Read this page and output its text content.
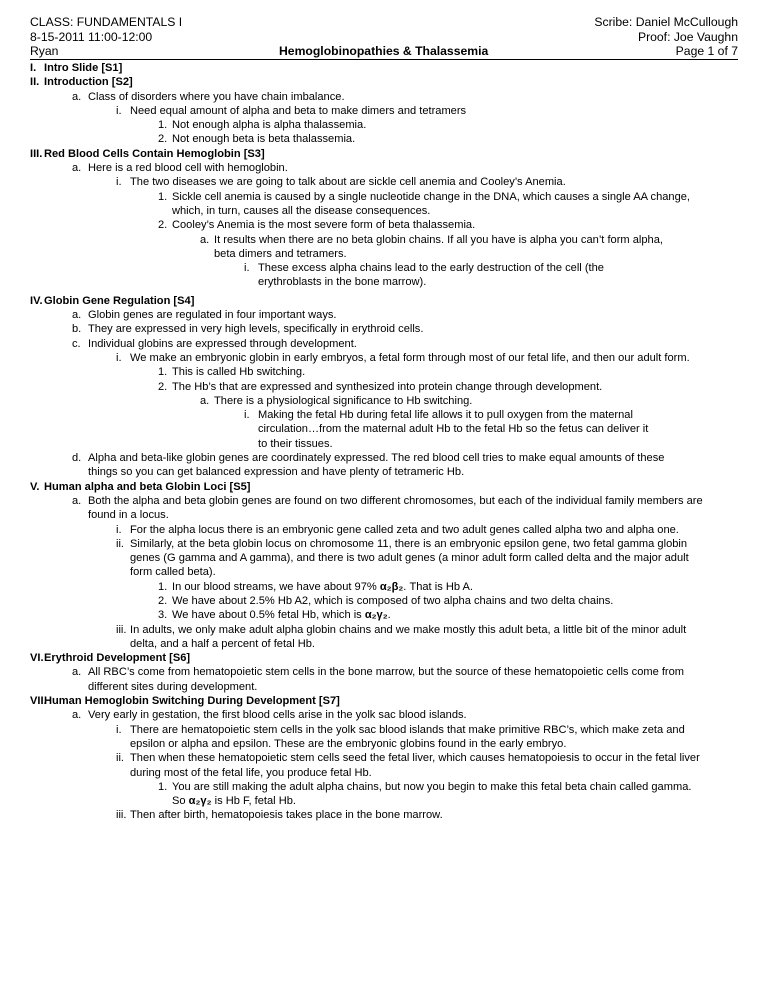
CLASS: FUNDAMENTALS I
8-15-2011 11:00-12:00
Ryan
Scribe: Daniel McCullough
Proof: Joe Vaughn
Page 1 of 7
Hemoglobinopathies & Thalassemia
I. Intro Slide [S1]
II. Introduction [S2]
a. Class of disorders where you have chain imbalance.
i. Need equal amount of alpha and beta to make dimers and tetramers
1. Not enough alpha is alpha thalassemia.
2. Not enough beta is beta thalassemia.
III. Red Blood Cells Contain Hemoglobin [S3]
a. Here is a red blood cell with hemoglobin.
i. The two diseases we are going to talk about are sickle cell anemia and Cooley’s Anemia.
1. Sickle cell anemia is caused by a single nucleotide change in the DNA, which causes a single AA change, which, in turn, causes all the disease consequences.
2. Cooley’s Anemia is the most severe form of beta thalassemia.
a. It results when there are no beta globin chains. If all you have is alpha you can’t form alpha, beta dimers and tetramers.
i. These excess alpha chains lead to the early destruction of the cell (the erythroblasts in the bone marrow).
IV. Globin Gene Regulation [S4]
a. Globin genes are regulated in four important ways.
b. They are expressed in very high levels, specifically in erythroid cells.
c. Individual globins are expressed through development.
i. We make an embryonic globin in early embryos, a fetal form through most of our fetal life, and then our adult form.
1. This is called Hb switching.
2. The Hb’s that are expressed and synthesized into protein change through development.
a. There is a physiological significance to Hb switching.
i. Making the fetal Hb during fetal life allows it to pull oxygen from the maternal circulation…from the maternal adult Hb to the fetal Hb so the fetus can deliver it to their tissues.
d. Alpha and beta-like globin genes are coordinately expressed. The red blood cell tries to make equal amounts of these things so you can get balanced expression and have plenty of tetrameric Hb.
V. Human alpha and beta Globin Loci [S5]
a. Both the alpha and beta globin genes are found on two different chromosomes, but each of the individual family members are found in a locus.
i. For the alpha locus there is an embryonic gene called zeta and two adult genes called alpha two and alpha one.
ii. Similarly, at the beta globin locus on chromosome 11, there is an embryonic epsilon gene, two fetal gamma globin genes (G gamma and A gamma), and there is two adult genes (a minor adult form called delta and the major adult form called beta).
1. In our blood streams, we have about 97% α₂β₂. That is Hb A.
2. We have about 2.5% Hb A2, which is composed of two alpha chains and two delta chains.
3. We have about 0.5% fetal Hb, which is α₂γ₂.
iii. In adults, we only make adult alpha globin chains and we make mostly this adult beta, a little bit of the minor adult delta, and a half a percent of fetal Hb.
VI. Erythroid Development [S6]
a. All RBC’s come from hematopoietic stem cells in the bone marrow, but the source of these hematopoietic cells come from different sites during development.
VII.
Human Hemoglobin Switching During Development [S7]
a. Very early in gestation, the first blood cells arise in the yolk sac blood islands.
i. There are hematopoietic stem cells in the yolk sac blood islands that make primitive RBC’s, which make zeta and epsilon or alpha and epsilon. These are the embryonic globins found in the early embryo.
ii. Then when these hematopoietic stem cells seed the fetal liver, which causes hematopoiesis to occur in the fetal liver during most of the fetal life, you produce fetal Hb.
1. You are still making the adult alpha chains, but now you begin to make this fetal beta chain called gamma. So α₂γ₂ is Hb F, fetal Hb.
iii. Then after birth, hematopoiesis takes place in the bone marrow.
